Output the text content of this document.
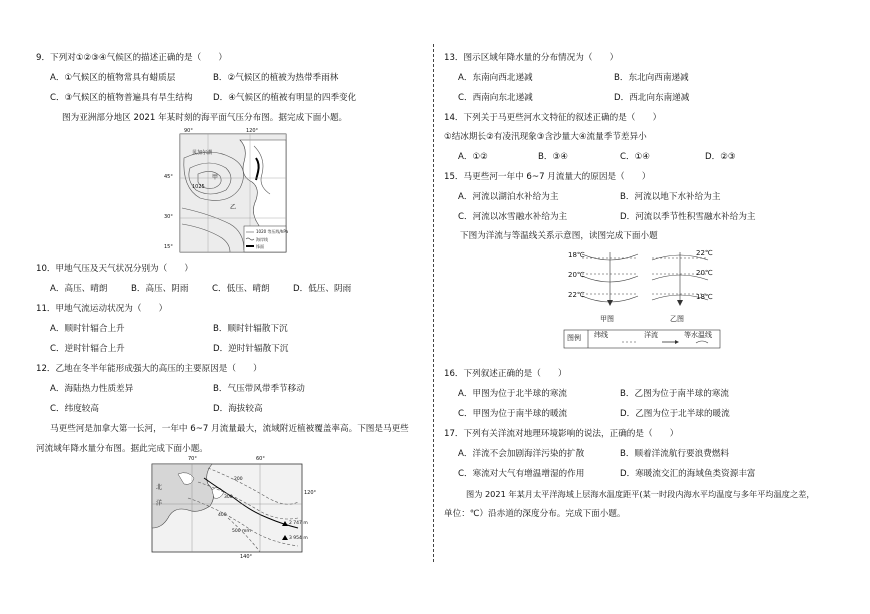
9．下列对①②③④气候区的描述正确的是（　　）
A．①气候区的植物常具有蜡质层	B．②气候区的植被为热带季雨林
C．③气候区的植物普遍具有旱生结构 D．④气候区的植被有明显的四季变化
图为亚洲部分地区 2021 年某时刻的海平面气压分布图。据完成下面小题。
90°	120°
45°
30°
15°
贝加尔湖
甲
乙
1025
1020 等压线/hPa
海岸线
锋面
10．甲地气压及天气状况分别为（　　）
A．高压、晴朗	B．高压、阴雨	C．低压、晴朗	D．低压、阴雨
11．甲地气流运动状况为（　　）
A．顺时针辐合上升	B．顺时针辐散下沉
C．逆时针辐合上升	D．逆时针辐散下沉
12．乙地在冬半年能形成强大的高压的主要原因是（　　）
A．海陆热力性质差异	B．气压带风带季节移动
C．纬度较高	D．海拔较高
马更些河是加拿大第一长河，一年中 6~7 月流量最大，流域附近植被覆盖率高。下图是马更些
河流域年降水量分布图。据此完成下面小题。
70°	60°
120°
140°
北
洋
2 747 m
3 954 m
200
300
400
500 mm
13．图示区域年降水量的分布情况为（　　）
A．东南向西北递减	B．东北向西南递减
C．西南向东北递减	D．西北向东南递减
14．下列关于马更些河水文特征的叙述正确的是（　　）
①结冰期长②有凌汛现象③含沙量大④流量季节差异小
A．①②	B．③④	C．①④	D．②③
15．马更些河一年中 6~7 月流量大的原因是（　　）
A．河流以湖泊水补给为主	B．河流以地下水补给为主
C．河流以冰雪融水补给为主	D．河流以季节性积雪融水补给为主
下图为洋流与等温线关系示意图，读图完成下面小题
18℃
20℃
22℃
22℃
20℃
18℃
甲图	乙图
图例 纬线	洋流	等水温线
16．下列叙述正确的是（　　）
A．甲图为位于北半球的寒流	B．乙图为位于南半球的寒流
C．甲图为位于南半球的暖流	D．乙图为位于北半球的暖流
17．下列有关洋流对地理环境影响的说法，正确的是（　　）
A．洋流不会加剧海洋污染的扩散	B．顺着洋流航行要浪费燃料
C．寒流对大气有增温增湿的作用	D．寒暖流交汇的海域鱼类资源丰富
图为 2021 年某月太平洋海域上层海水温度距平(某一时段内海水平均温度与多年平均温度之差，
单位：℃）沿赤道的深度分布。完成下面小题。
